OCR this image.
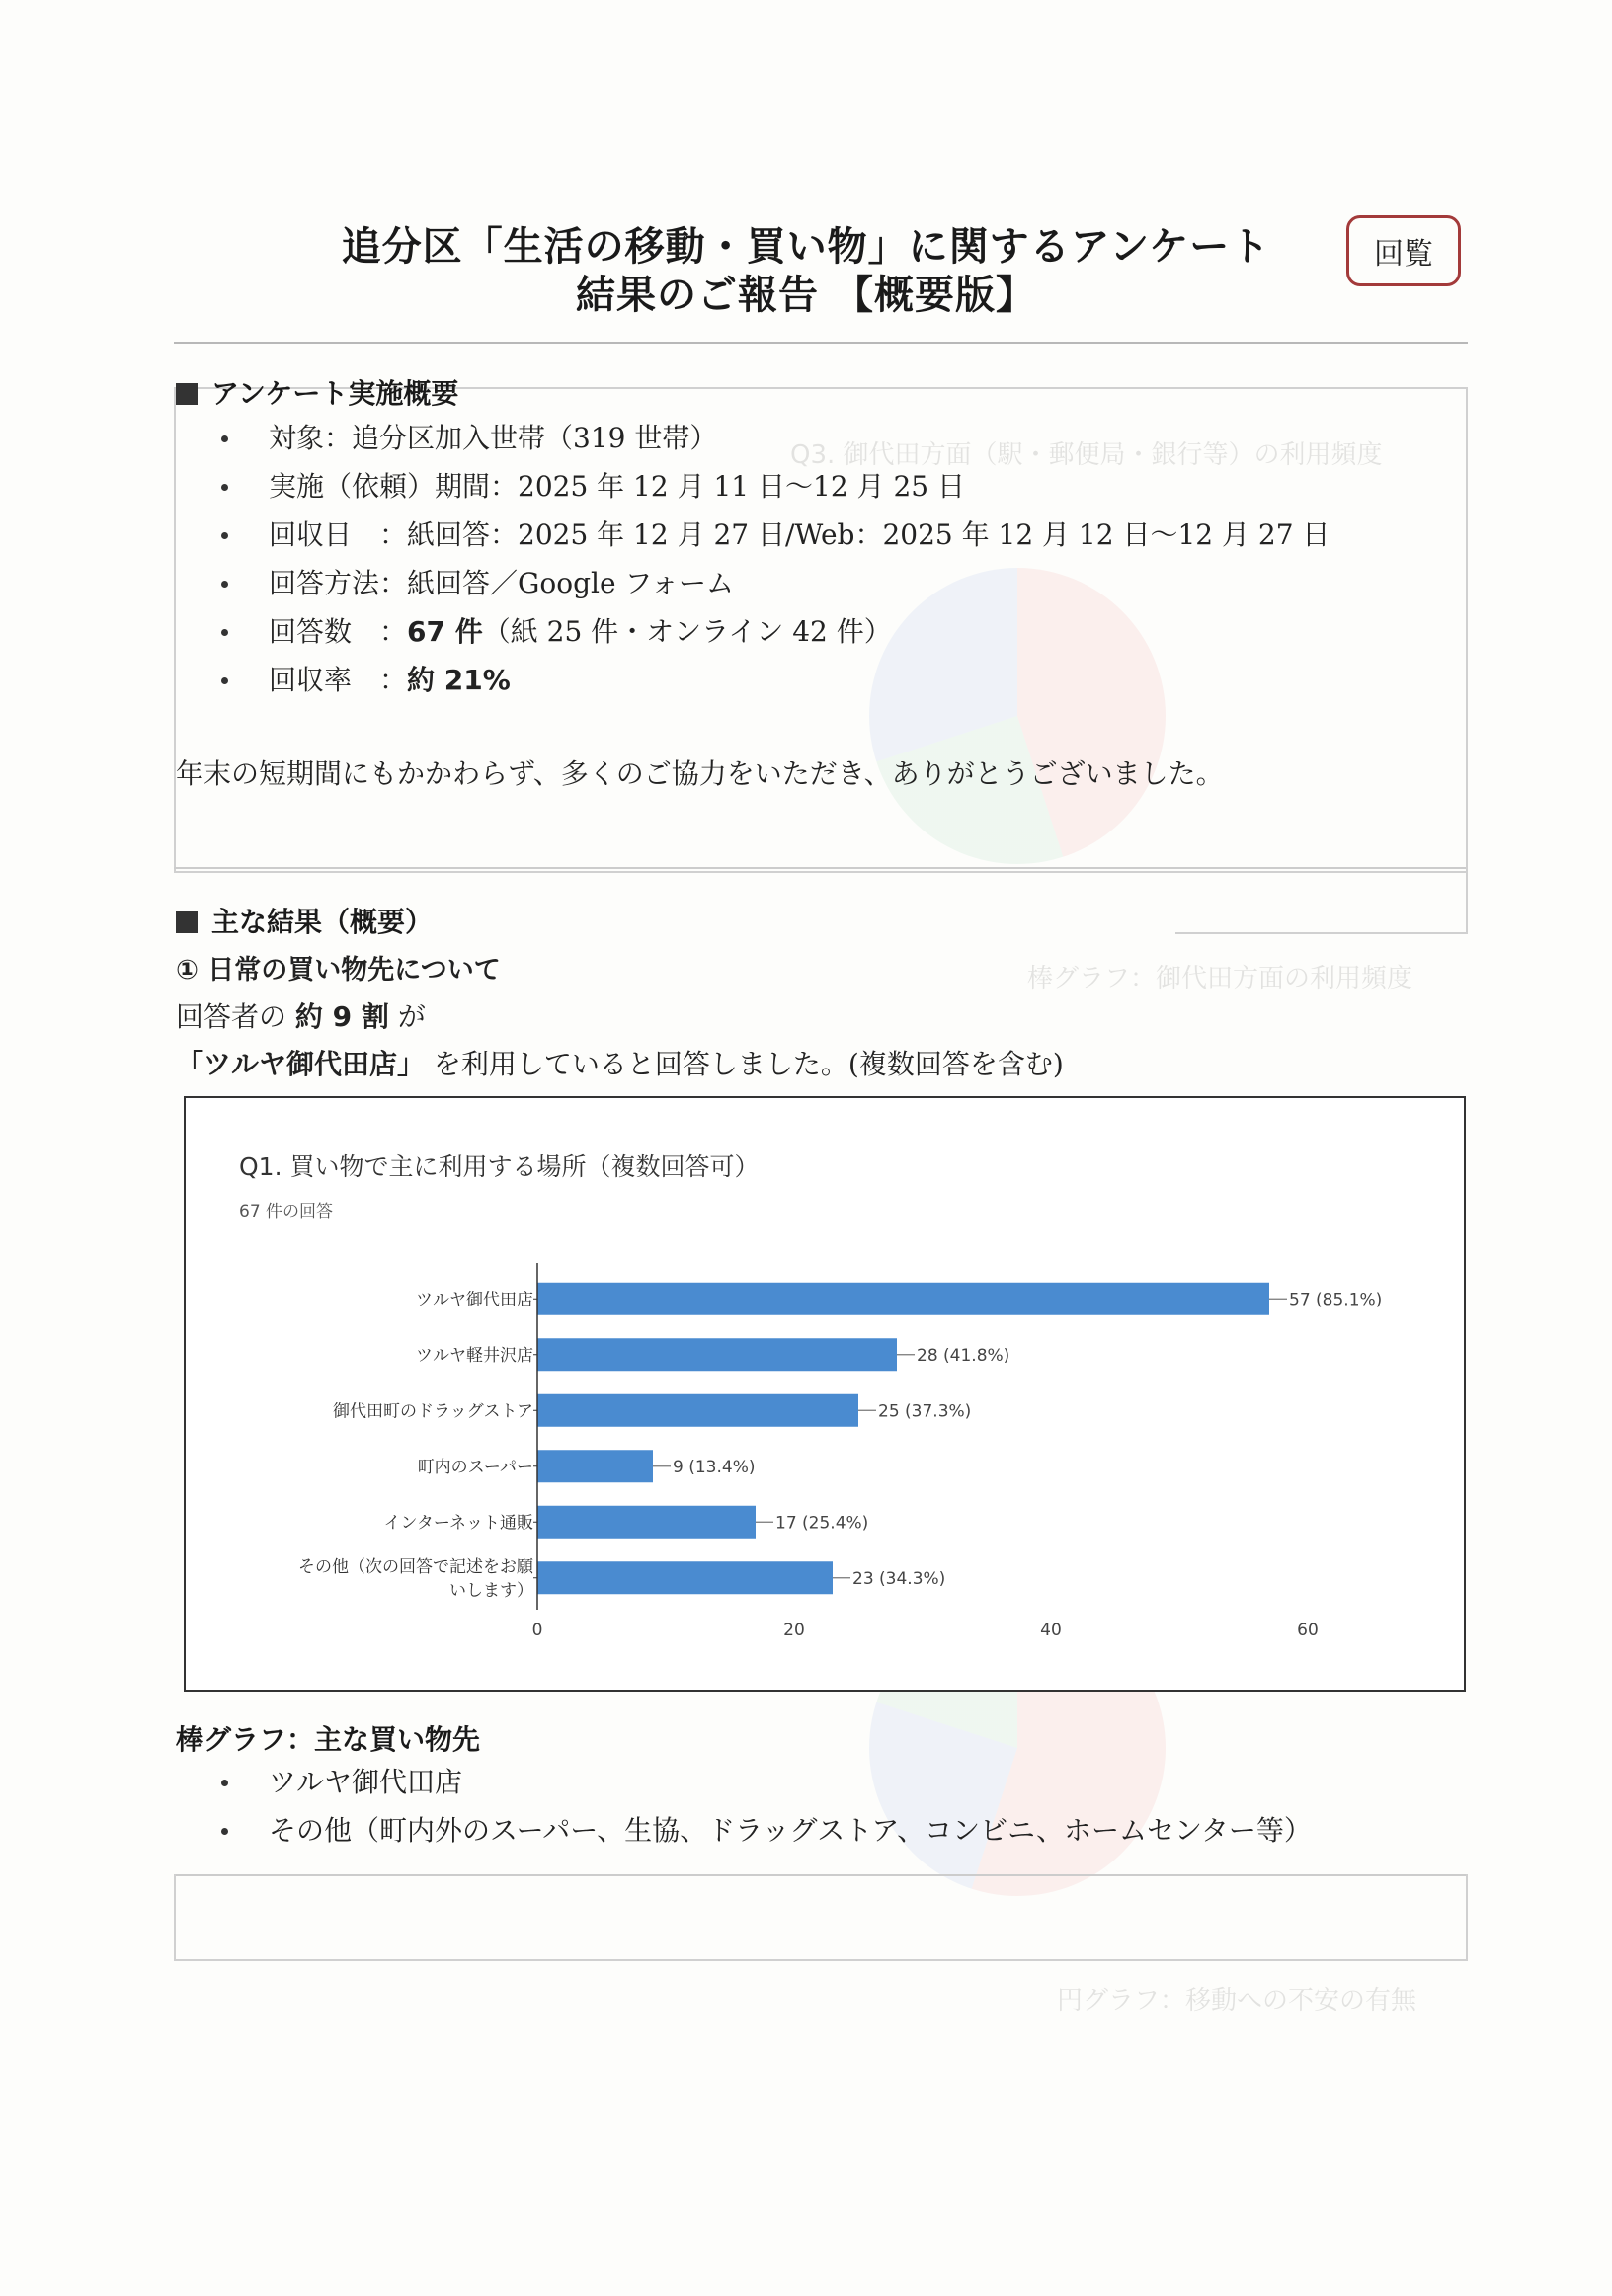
Q3. 御代田方面（駅・郵便局・銀行等）の利用頻度
棒グラフ：御代田方面の利用頻度
円グラフ：移動への不安の有無
追分区「生活の移動・買い物」に関するアンケート
結果のご報告 【概要版】
回覧
アンケート実施概要
対象：追分区加入世帯（319 世帯）
実施（依頼）期間：2025 年 12 月 11 日～12 月 25 日
回収日　：紙回答：2025 年 12 月 27 日/Web：2025 年 12 月 12 日～12 月 27 日
回答方法：紙回答／Google フォーム
回答数　：67 件（紙 25 件・オンライン 42 件）
回収率　：約 21%
年末の短期間にもかかわらず、多くのご協力をいただき、ありがとうございました。
主な結果（概要）
① 日常の買い物先について
回答者の 約 9 割 が
「ツルヤ御代田店」 を利用していると回答しました。(複数回答を含む)
Q1. 買い物で主に利用する場所（複数回答可）
67 件の回答
57 (85.1%)
ツルヤ御代田店
28 (41.8%)
ツルヤ軽井沢店
25 (37.3%)
御代田町のドラッグストア
9 (13.4%)
町内のスーパー
17 (25.4%)
インターネット通販
23 (34.3%)
その他（次の回答で記述をお願
いします）
0	20	40	60
棒グラフ：主な買い物先
ツルヤ御代田店
その他（町内外のスーパー、生協、ドラッグストア、コンビニ、ホームセンター等）
